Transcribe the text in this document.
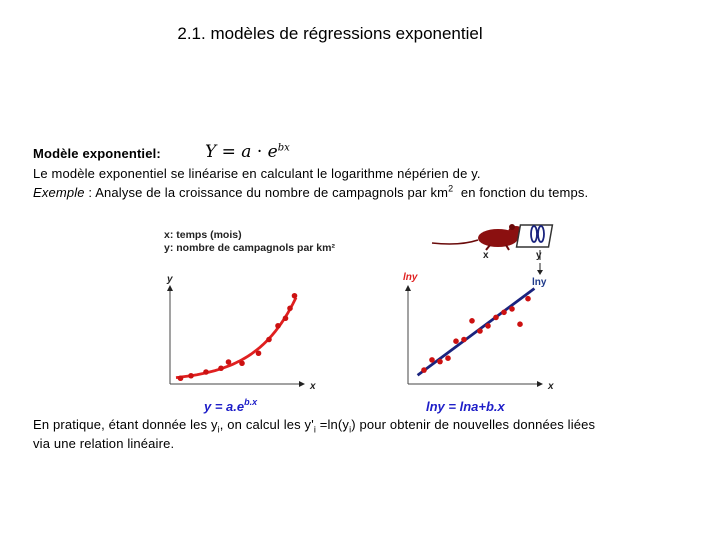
2.1. modèles de régressions exponentiel
Modèle exponentiel:	$Y = a \cdot e^{bx}$
Le modèle exponentiel se linéarise en calculant le logarithme népérien de y.
Exemple : Analyse de la croissance du nombre de campagnols par $km^2$  en fonction du temps.
x: temps (mois)
y: nombre de campagnols par km²
y
x
$y = a.e^{b.x}$
lny
x
lny = lna+b.x
x	y
lny
En pratique, étant donnée les $y_i$, on calcul les $y'_i =\ln(y_i)$ pour obtenir de nouvelles données liées
via une relation linéaire.
